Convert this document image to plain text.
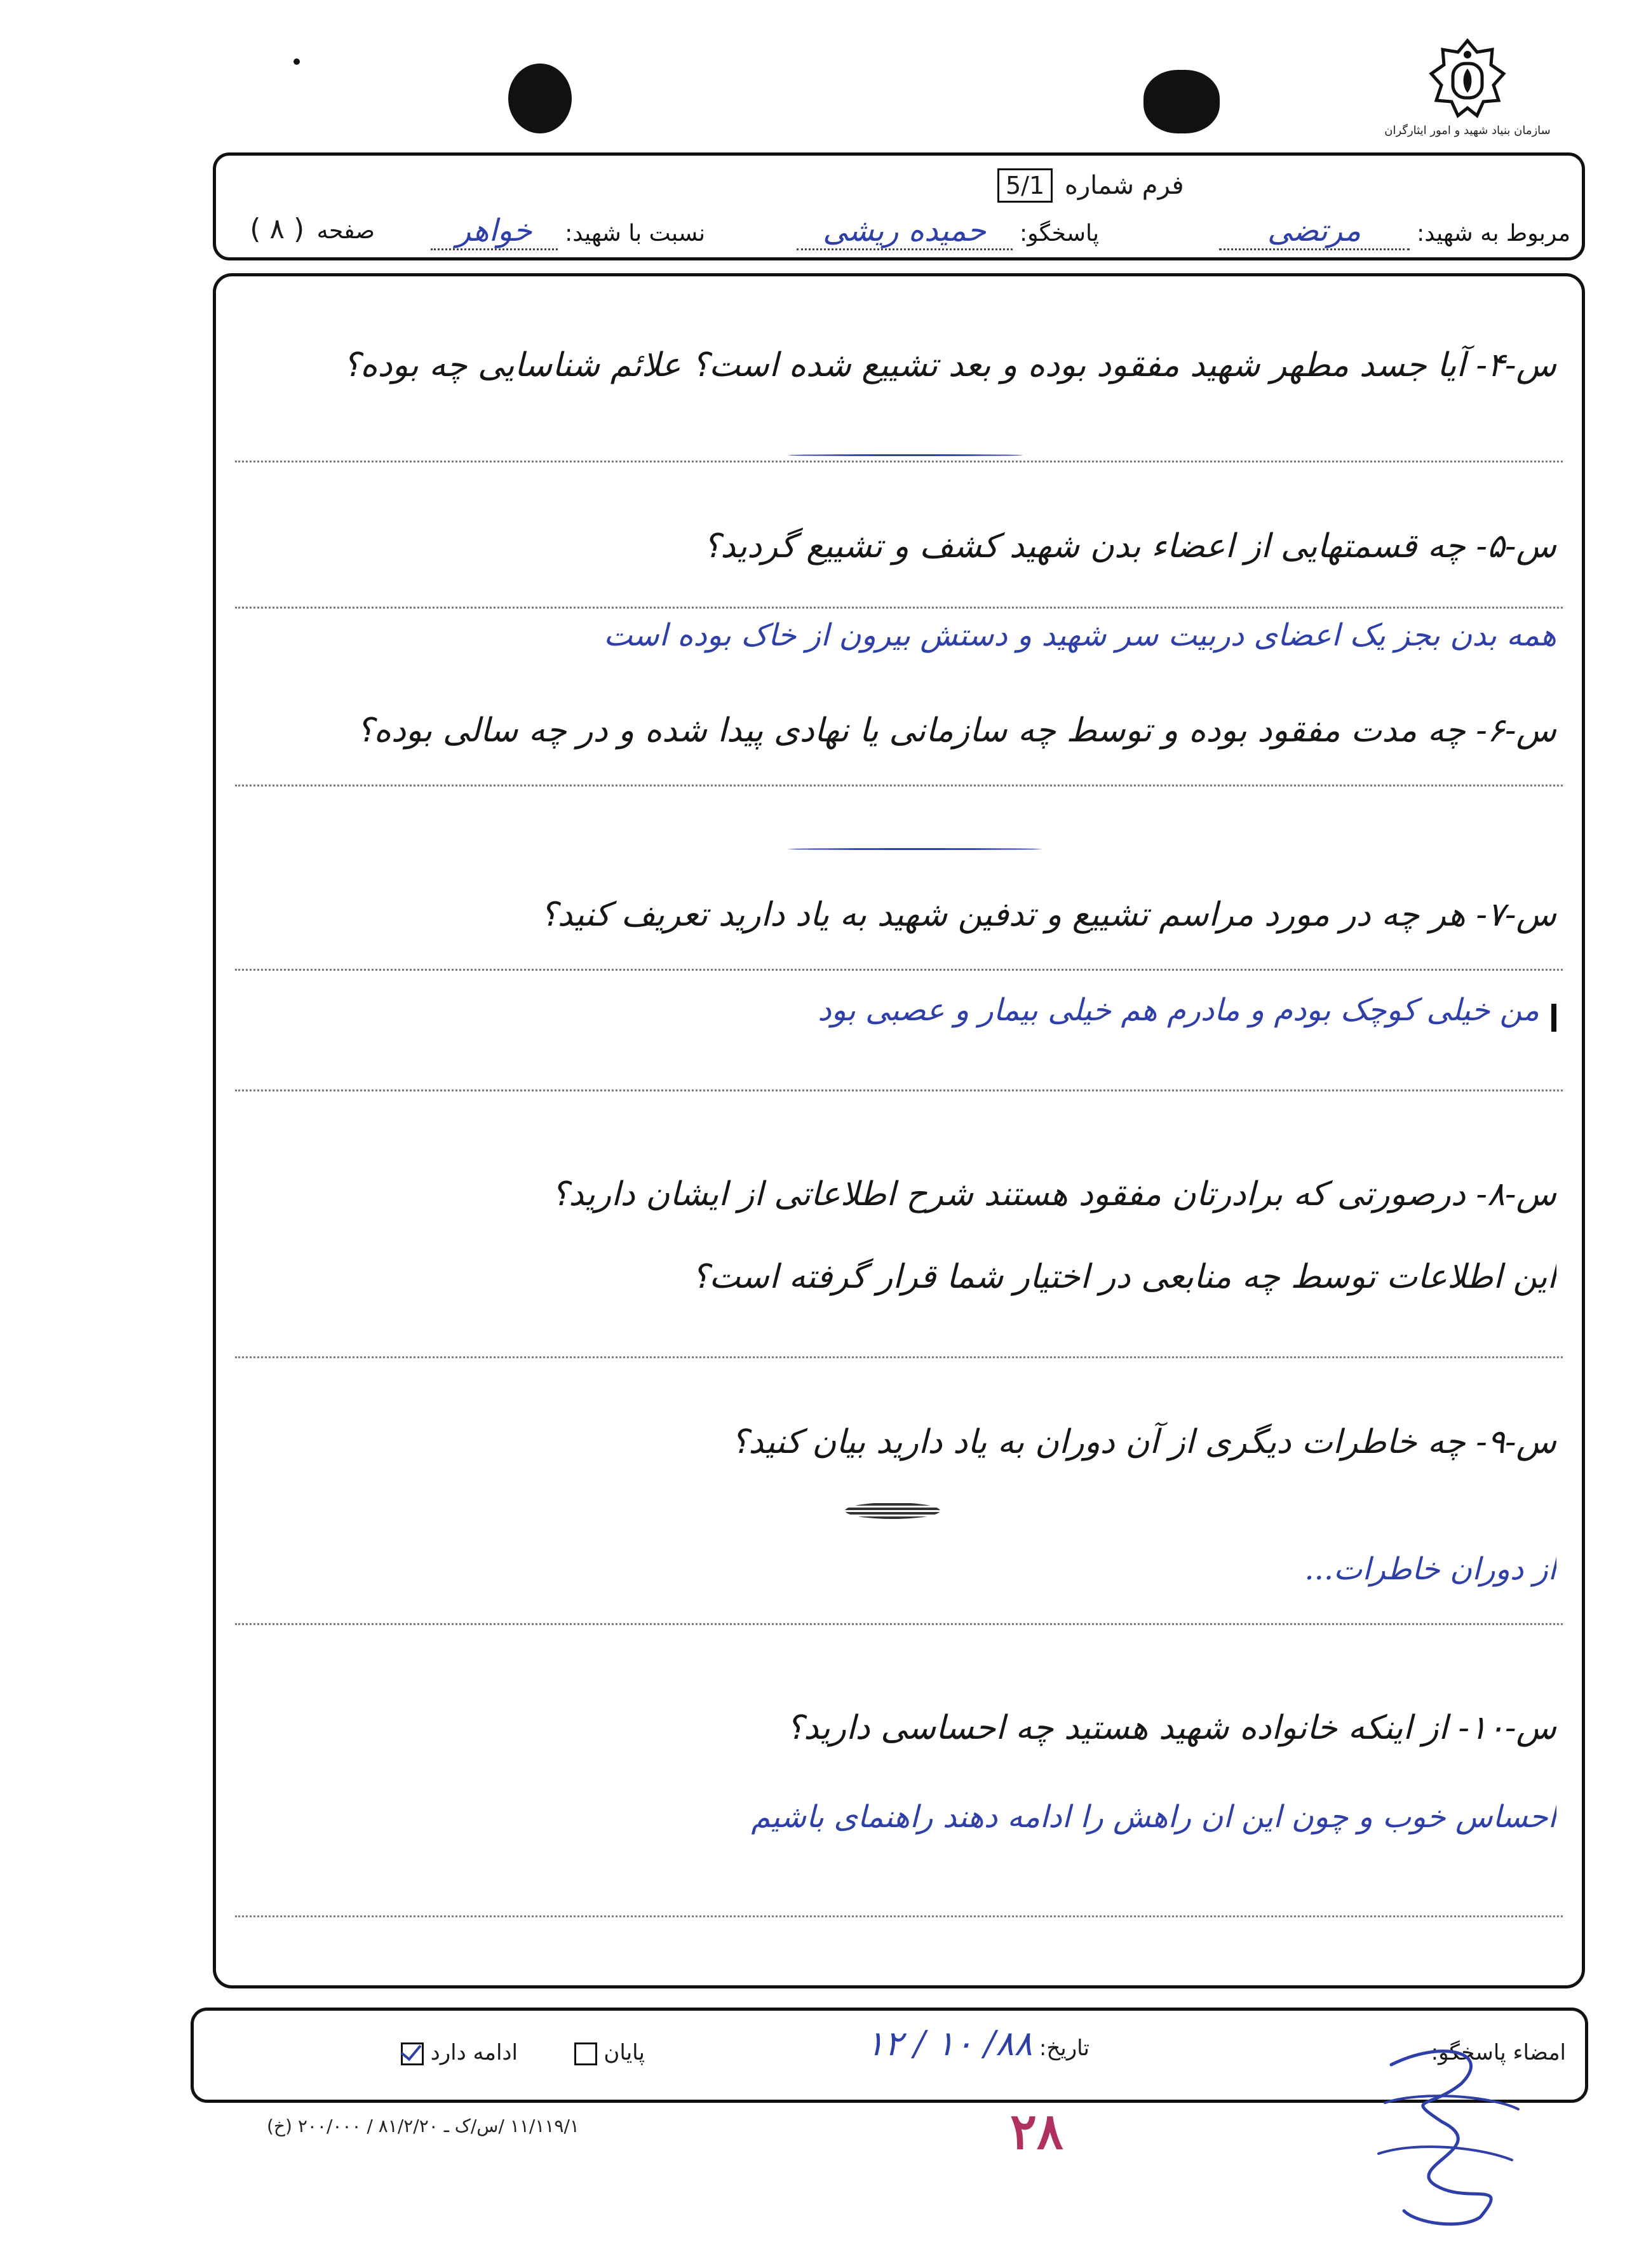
سازمان بنیاد شهید و امور ایثارگران
فرم شماره 5/1
مربوط به شهید: مرتضی
پاسخگو: حمیده ریشی
نسبت با شهید: خواهر
صفحه ( ۸ )
س-۴- آیا جسد مطهر شهید مفقود بوده و بعد تشییع شده است؟ علائم شناسایی چه بوده؟
س-۵- چه قسمتهایی از اعضاء بدن شهید کشف و تشییع گردید؟
همه بدن بجز یک اعضای دربیت سر شهید و دستش بیرون از خاک بوده است
س-۶- چه مدت مفقود بوده و توسط چه سازمانی یا نهادی پیدا شده و در چه سالی بوده؟
س-۷- هر چه در مورد مراسم تشییع و تدفین شهید به یاد دارید تعریف کنید؟
من خیلی کوچک بودم و مادرم هم خیلی بیمار و عصبی بود
س-۸- درصورتی که برادرتان مفقود هستند شرح اطلاعاتی از ایشان دارید؟
این اطلاعات توسط چه منابعی در اختیار شما قرار گرفته است؟
س-۹- چه خاطرات دیگری از آن دوران به یاد دارید بیان کنید؟
از دوران خاطرات...
س-۱۰- از اینکه خانواده شهید هستید چه احساسی دارید؟
احساس خوب و چون این ان راهش را ادامه دهند راهنمای باشیم
امضاء پاسخگو:
تاریخ: ۸۸/ ۱۰ / ۱۲
پایان
ادامه دارد
۱۱/۱۱۹/۱ /س/ک ـ ۸۱/۲/۲۰ / ۲۰۰/۰۰۰ (خ)	۲۸
